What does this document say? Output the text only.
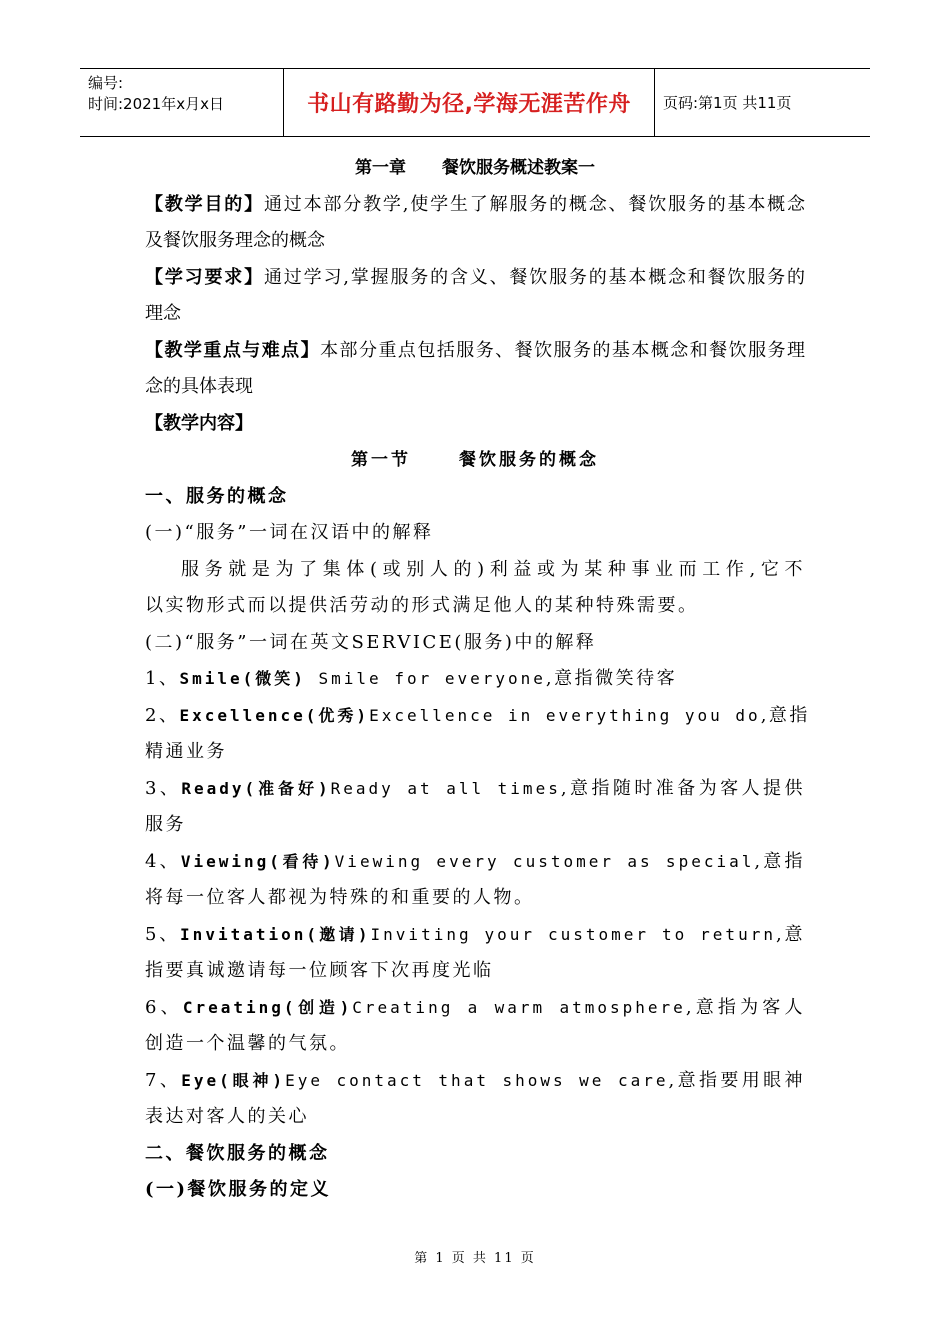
编号:
时间:2021年x月x日	书山有路勤为径,学海无涯苦作舟	页码:第1页 共11页
第一章 餐饮服务概述教案一
【教学目的】通过本部分教学,使学生了解服务的概念、餐饮服务的基本概念
及餐饮服务理念的概念
【学习要求】通过学习,掌握服务的含义、餐饮服务的基本概念和餐饮服务的
理念
【教学重点与难点】本部分重点包括服务、餐饮服务的基本概念和餐饮服务理
念的具体表现
【教学内容】
第一节	餐饮服务的概念
一、服务的概念
(一)“服务”一词在汉语中的解释
服务就是为了集体(或别人的)利益或为某种事业而工作,它不
以实物形式而以提供活劳动的形式满足他人的某种特殊需要。
(二)“服务”一词在英文SERVICE(服务)中的解释
1、Smile(微笑) Smile for everyone,意指微笑待客
2、Excellence(优秀)Excellence in everything you do,意指
精通业务
3、Ready(准备好)Ready at all times,意指随时准备为客人提供
服务
4、Viewing(看待)Viewing every customer as special,意指
将每一位客人都视为特殊的和重要的人物。
5、Invitation(邀请)Inviting your customer to return,意
指要真诚邀请每一位顾客下次再度光临
6、Creating(创造)Creating a warm atmosphere,意指为客人
创造一个温馨的气氛。
7、Eye(眼神)Eye contact that shows we care,意指要用眼神
表达对客人的关心
二、餐饮服务的概念
(一)餐饮服务的定义
第 1 页 共 11 页
